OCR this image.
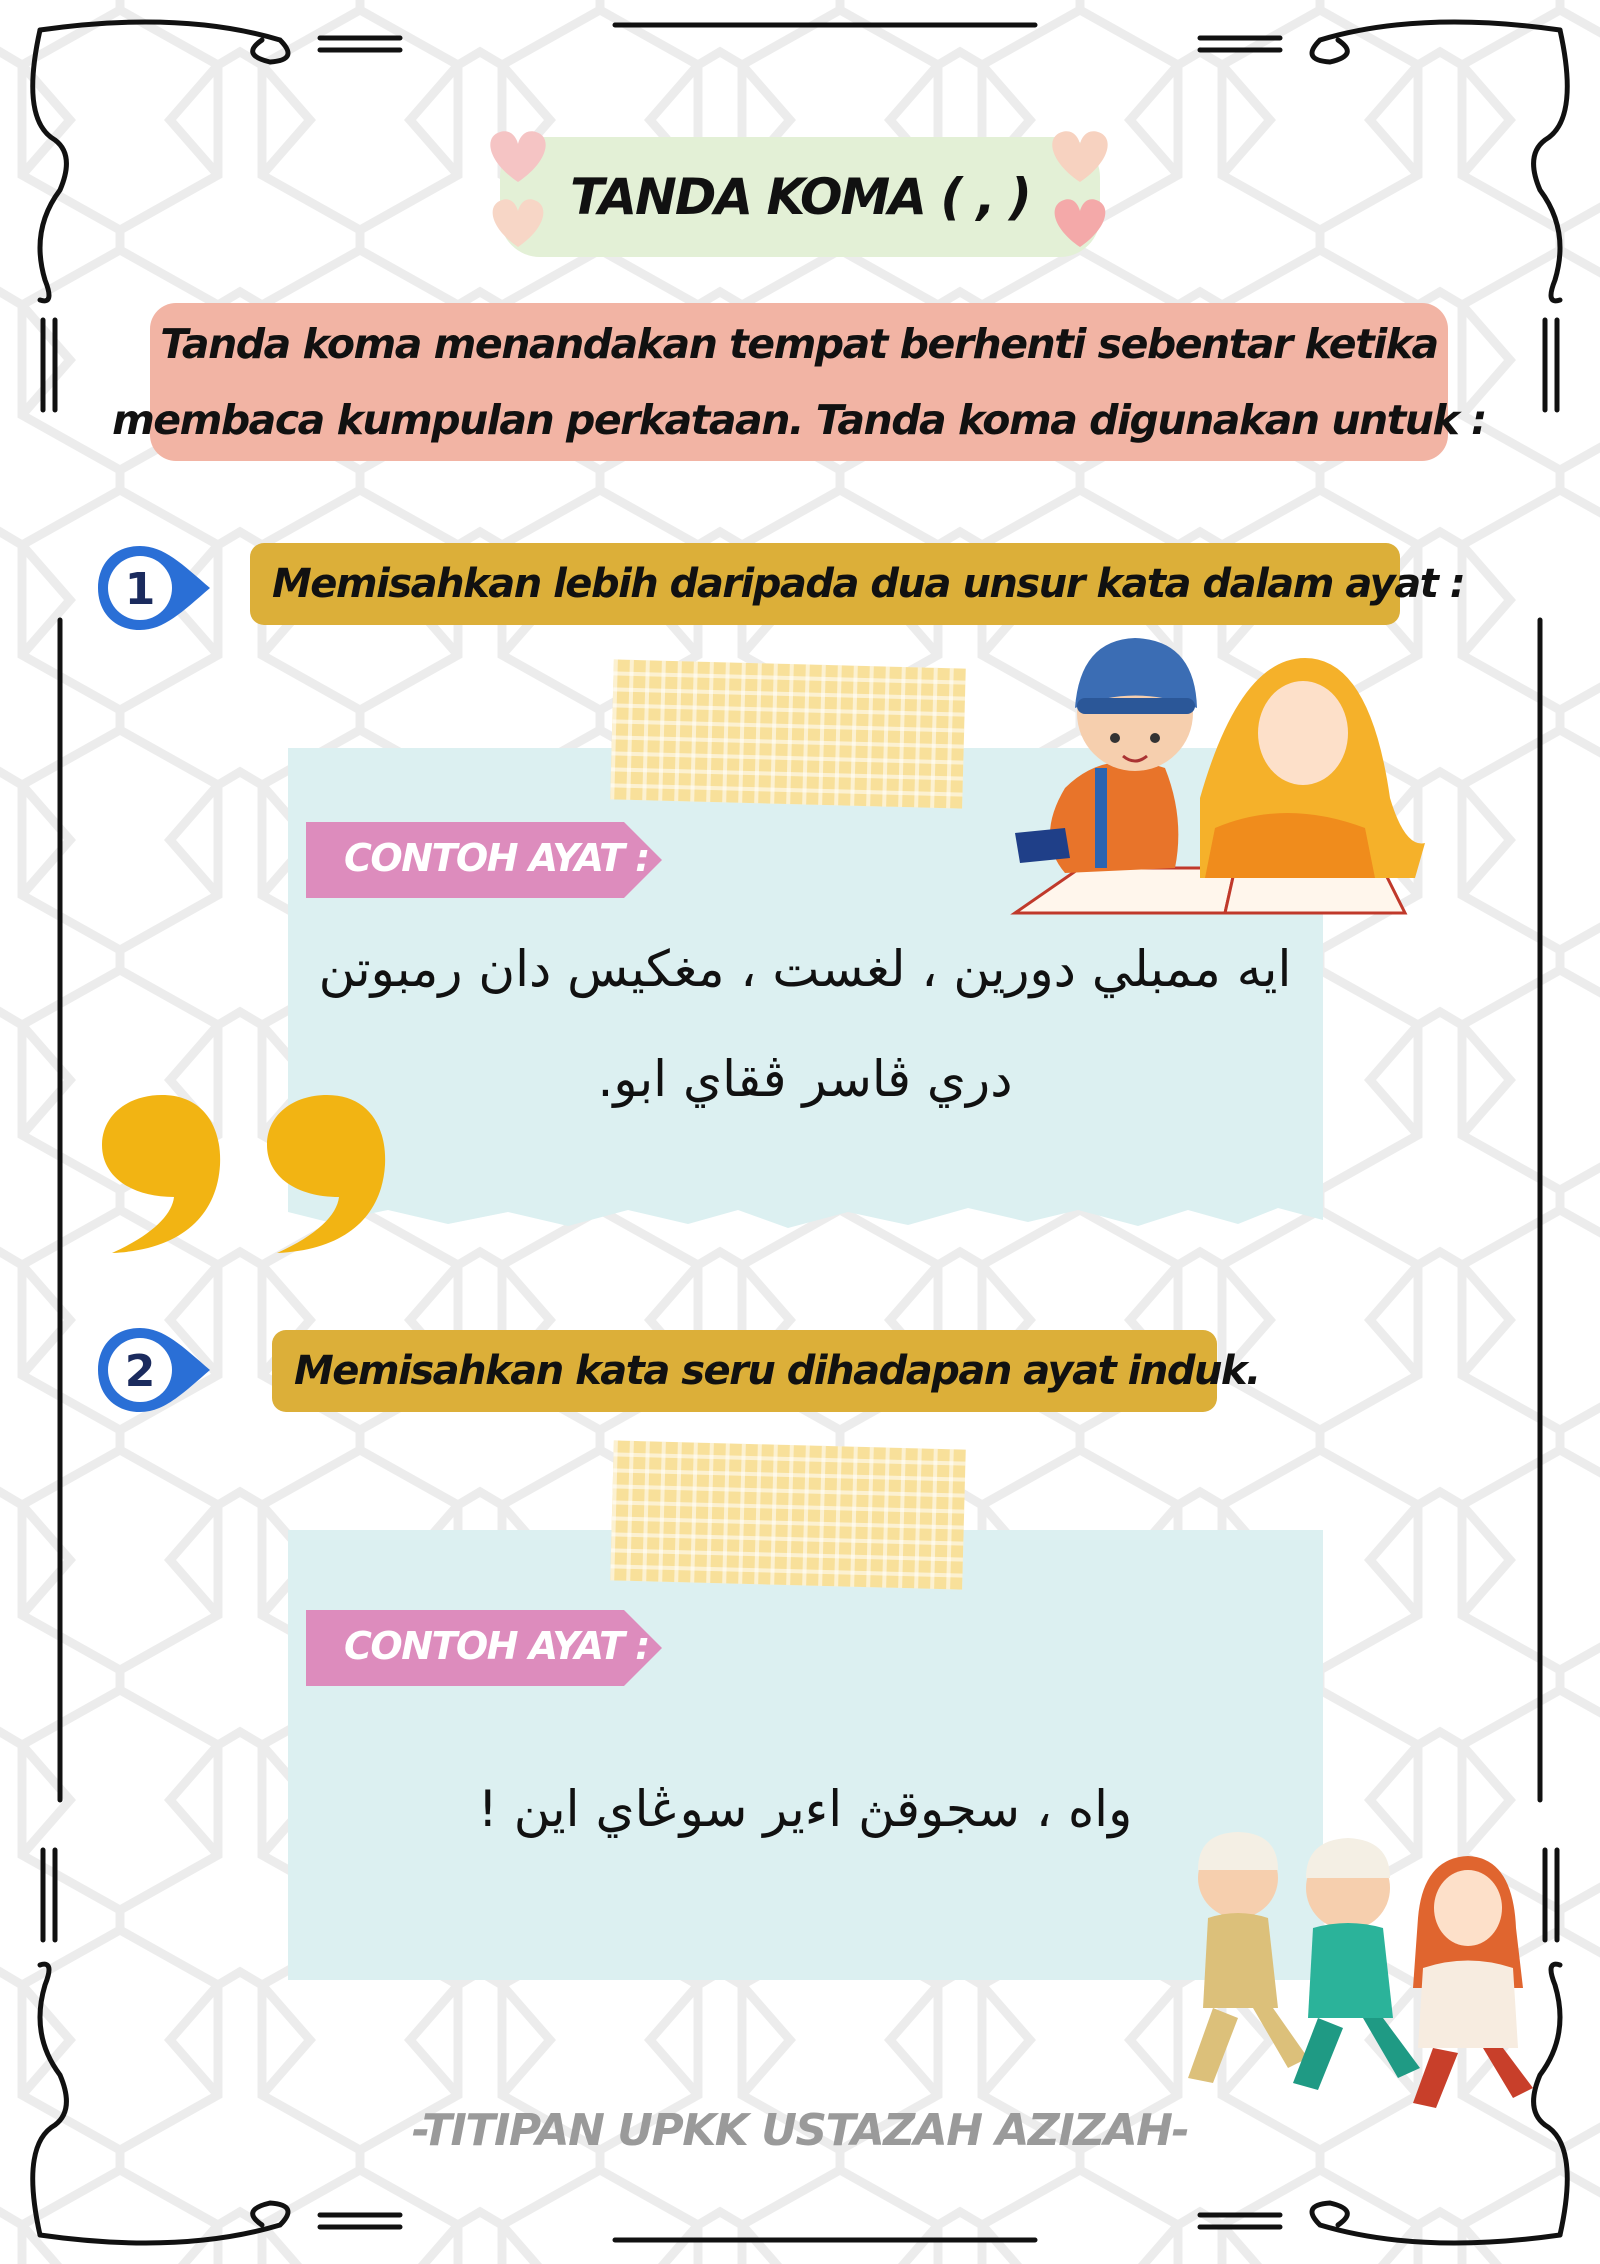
TANDA KOMA ( , )
Tanda koma menandakan tempat berhenti sebentar ketika
membaca kumpulan perkataan. Tanda koma digunakan untuk :
1	Memisahkan lebih daripada dua unsur kata dalam ayat :
CONTOH AYAT :
ايه ممبلي دورين ، لغست ، مغكيس دان رمبوتن
دري ڤاسر ڤقاي ابو.
2	Memisahkan kata seru dihadapan ayat induk.
CONTOH AYAT :
واه ، سجوقڽ اءير سوڠاي اين !
-TITIPAN UPKK USTAZAH AZIZAH-
